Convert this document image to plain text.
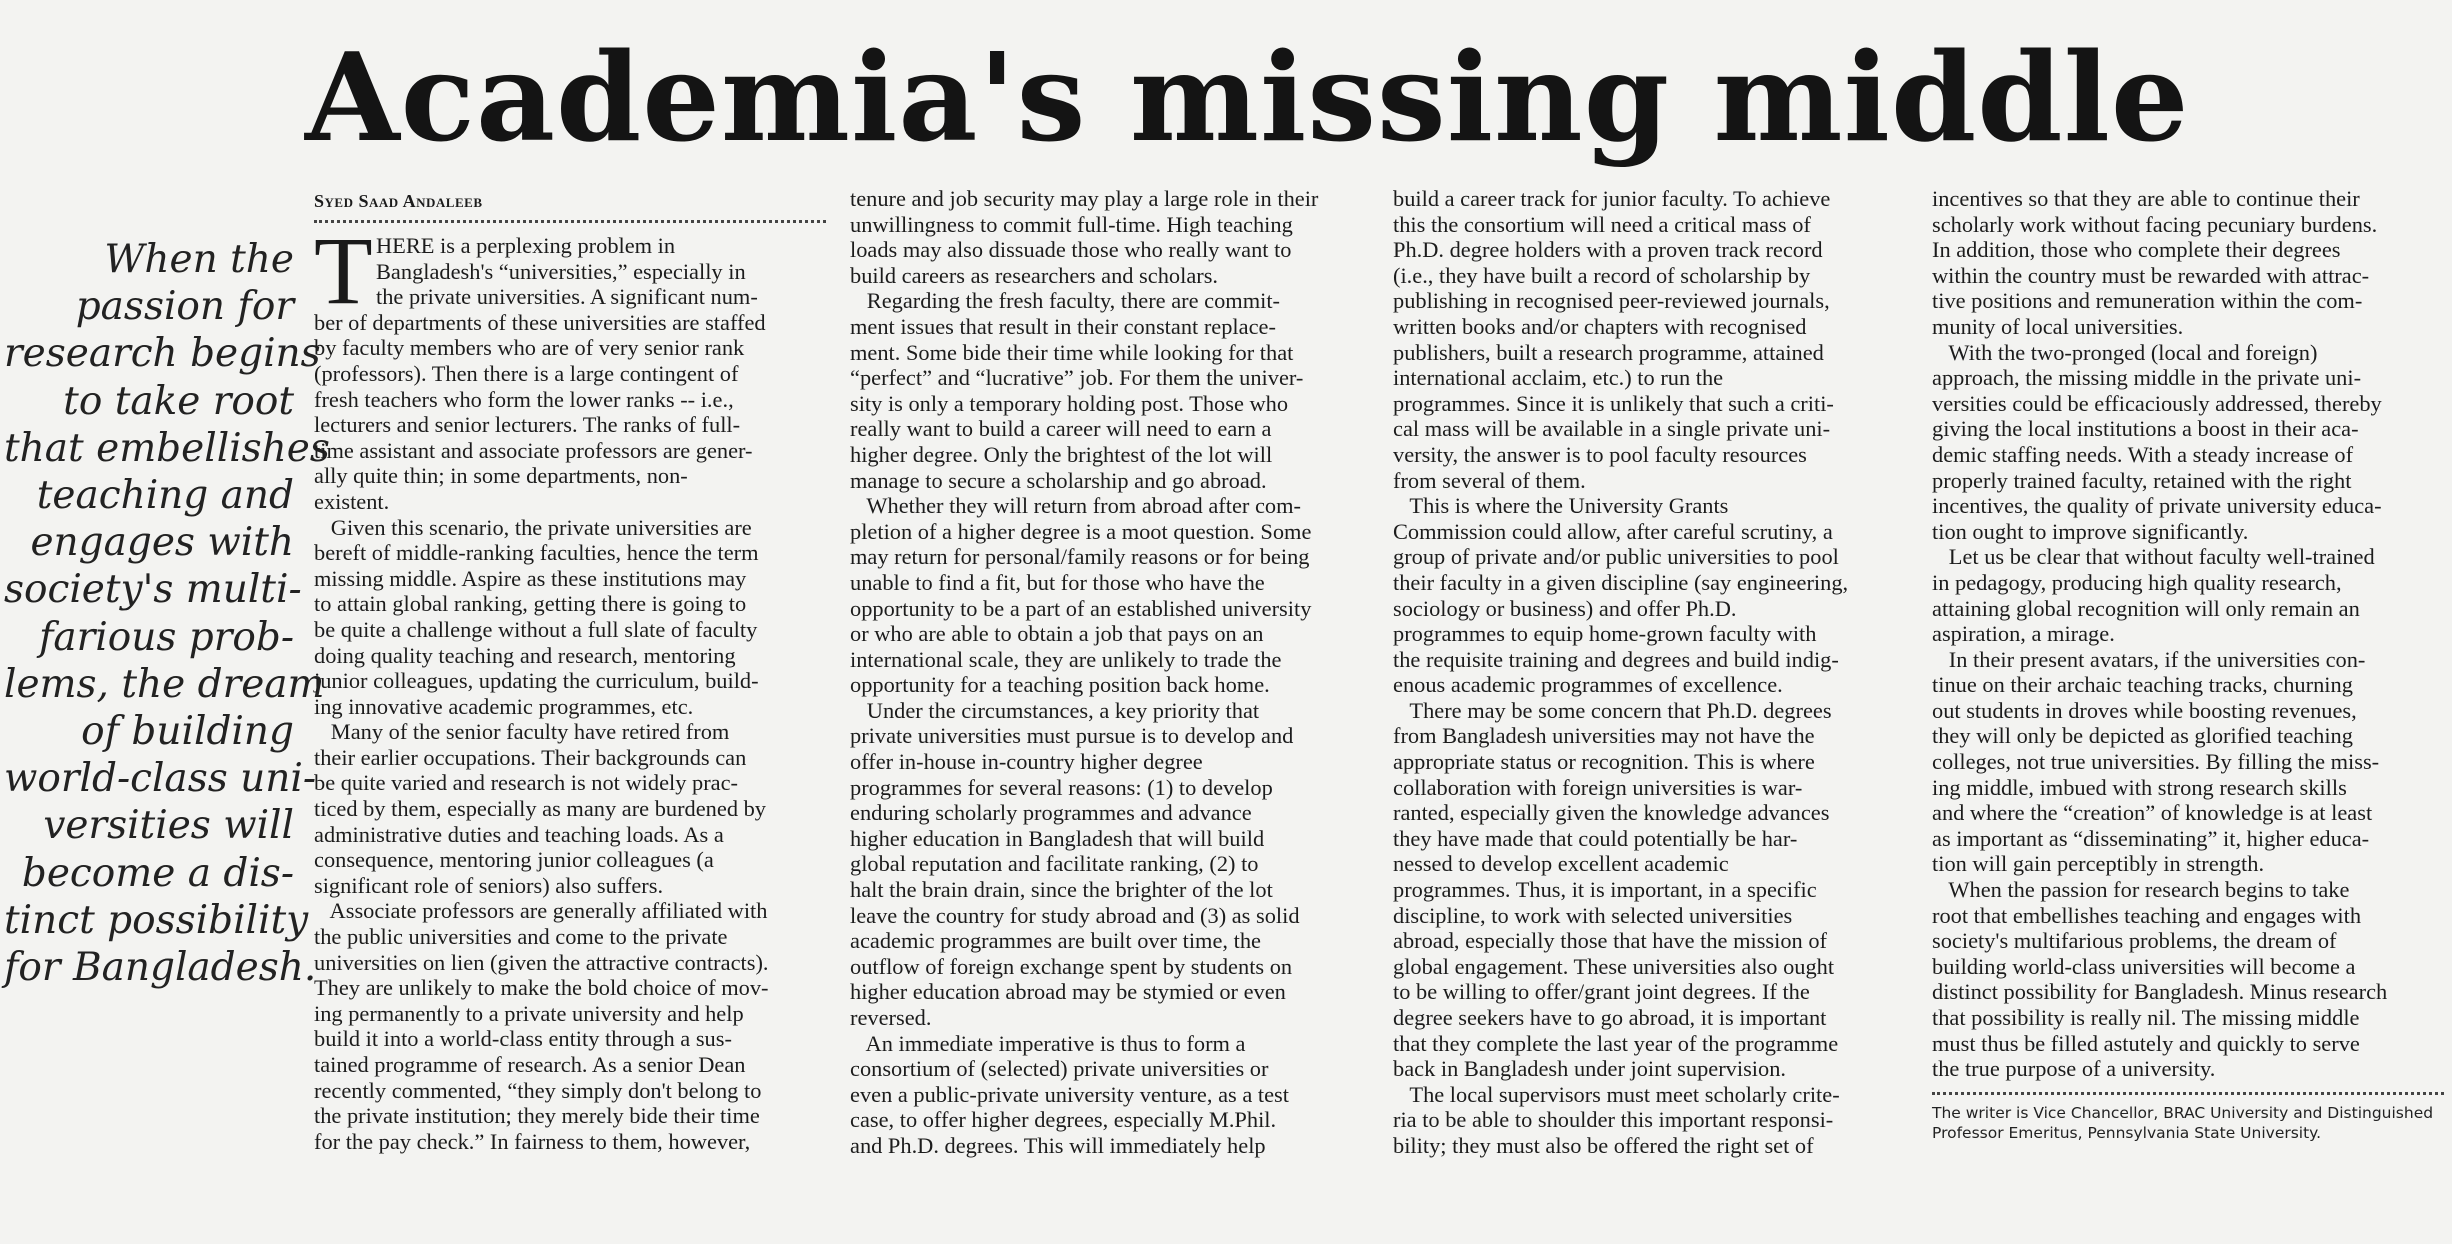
Academia's missing middle
When the
passion for
research begins
to take root
that embellishes
teaching and
engages with
society's multi-
farious prob-
lems, the dream
of building
world-class uni-
versities will
become a dis-
tinct possibility
for Bangladesh.
Syed Saad Andaleeb
T HERE is a perplexing problem in
Bangladesh's “universities,” especially in
the private universities. A significant num-
ber of departments of these universities are staffed
by faculty members who are of very senior rank
(professors). Then there is a large contingent of
fresh teachers who form the lower ranks -- i.e.,
lecturers and senior lecturers. The ranks of full-
time assistant and associate professors are gener-
ally quite thin; in some departments, non-
existent.
Given this scenario, the private universities are
bereft of middle-ranking faculties, hence the term
missing middle. Aspire as these institutions may
to attain global ranking, getting there is going to
be quite a challenge without a full slate of faculty
doing quality teaching and research, mentoring
junior colleagues, updating the curriculum, build-
ing innovative academic programmes, etc.
Many of the senior faculty have retired from
their earlier occupations. Their backgrounds can
be quite varied and research is not widely prac-
ticed by them, especially as many are burdened by
administrative duties and teaching loads. As a
consequence, mentoring junior colleagues (a
significant role of seniors) also suffers.
Associate professors are generally affiliated with
the public universities and come to the private
universities on lien (given the attractive contracts).
They are unlikely to make the bold choice of mov-
ing permanently to a private university and help
build it into a world-class entity through a sus-
tained programme of research. As a senior Dean
recently commented, “they simply don't belong to
the private institution; they merely bide their time
for the pay check.” In fairness to them, however,
tenure and job security may play a large role in their
unwillingness to commit full-time. High teaching
loads may also dissuade those who really want to
build careers as researchers and scholars.
Regarding the fresh faculty, there are commit-
ment issues that result in their constant replace-
ment. Some bide their time while looking for that
“perfect” and “lucrative” job. For them the univer-
sity is only a temporary holding post. Those who
really want to build a career will need to earn a
higher degree. Only the brightest of the lot will
manage to secure a scholarship and go abroad.
Whether they will return from abroad after com-
pletion of a higher degree is a moot question. Some
may return for personal/family reasons or for being
unable to find a fit, but for those who have the
opportunity to be a part of an established university
or who are able to obtain a job that pays on an
international scale, they are unlikely to trade the
opportunity for a teaching position back home.
Under the circumstances, a key priority that
private universities must pursue is to develop and
offer in-house in-country higher degree
programmes for several reasons: (1) to develop
enduring scholarly programmes and advance
higher education in Bangladesh that will build
global reputation and facilitate ranking, (2) to
halt the brain drain, since the brighter of the lot
leave the country for study abroad and (3) as solid
academic programmes are built over time, the
outflow of foreign exchange spent by students on
higher education abroad may be stymied or even
reversed.
An immediate imperative is thus to form a
consortium of (selected) private universities or
even a public-private university venture, as a test
case, to offer higher degrees, especially M.Phil.
and Ph.D. degrees. This will immediately help
build a career track for junior faculty. To achieve
this the consortium will need a critical mass of
Ph.D. degree holders with a proven track record
(i.e., they have built a record of scholarship by
publishing in recognised peer-reviewed journals,
written books and/or chapters with recognised
publishers, built a research programme, attained
international acclaim, etc.) to run the
programmes. Since it is unlikely that such a criti-
cal mass will be available in a single private uni-
versity, the answer is to pool faculty resources
from several of them.
This is where the University Grants
Commission could allow, after careful scrutiny, a
group of private and/or public universities to pool
their faculty in a given discipline (say engineering,
sociology or business) and offer Ph.D.
programmes to equip home-grown faculty with
the requisite training and degrees and build indig-
enous academic programmes of excellence.
There may be some concern that Ph.D. degrees
from Bangladesh universities may not have the
appropriate status or recognition. This is where
collaboration with foreign universities is war-
ranted, especially given the knowledge advances
they have made that could potentially be har-
nessed to develop excellent academic
programmes. Thus, it is important, in a specific
discipline, to work with selected universities
abroad, especially those that have the mission of
global engagement. These universities also ought
to be willing to offer/grant joint degrees. If the
degree seekers have to go abroad, it is important
that they complete the last year of the programme
back in Bangladesh under joint supervision.
The local supervisors must meet scholarly crite-
ria to be able to shoulder this important responsi-
bility; they must also be offered the right set of
incentives so that they are able to continue their
scholarly work without facing pecuniary burdens.
In addition, those who complete their degrees
within the country must be rewarded with attrac-
tive positions and remuneration within the com-
munity of local universities.
With the two-pronged (local and foreign)
approach, the missing middle in the private uni-
versities could be efficaciously addressed, thereby
giving the local institutions a boost in their aca-
demic staffing needs. With a steady increase of
properly trained faculty, retained with the right
incentives, the quality of private university educa-
tion ought to improve significantly.
Let us be clear that without faculty well-trained
in pedagogy, producing high quality research,
attaining global recognition will only remain an
aspiration, a mirage.
In their present avatars, if the universities con-
tinue on their archaic teaching tracks, churning
out students in droves while boosting revenues,
they will only be depicted as glorified teaching
colleges, not true universities. By filling the miss-
ing middle, imbued with strong research skills
and where the “creation” of knowledge is at least
as important as “disseminating” it, higher educa-
tion will gain perceptibly in strength.
When the passion for research begins to take
root that embellishes teaching and engages with
society's multifarious problems, the dream of
building world-class universities will become a
distinct possibility for Bangladesh. Minus research
that possibility is really nil. The missing middle
must thus be filled astutely and quickly to serve
the true purpose of a university.
The writer is Vice Chancellor, BRAC University and Distinguished
Professor Emeritus, Pennsylvania State University.
